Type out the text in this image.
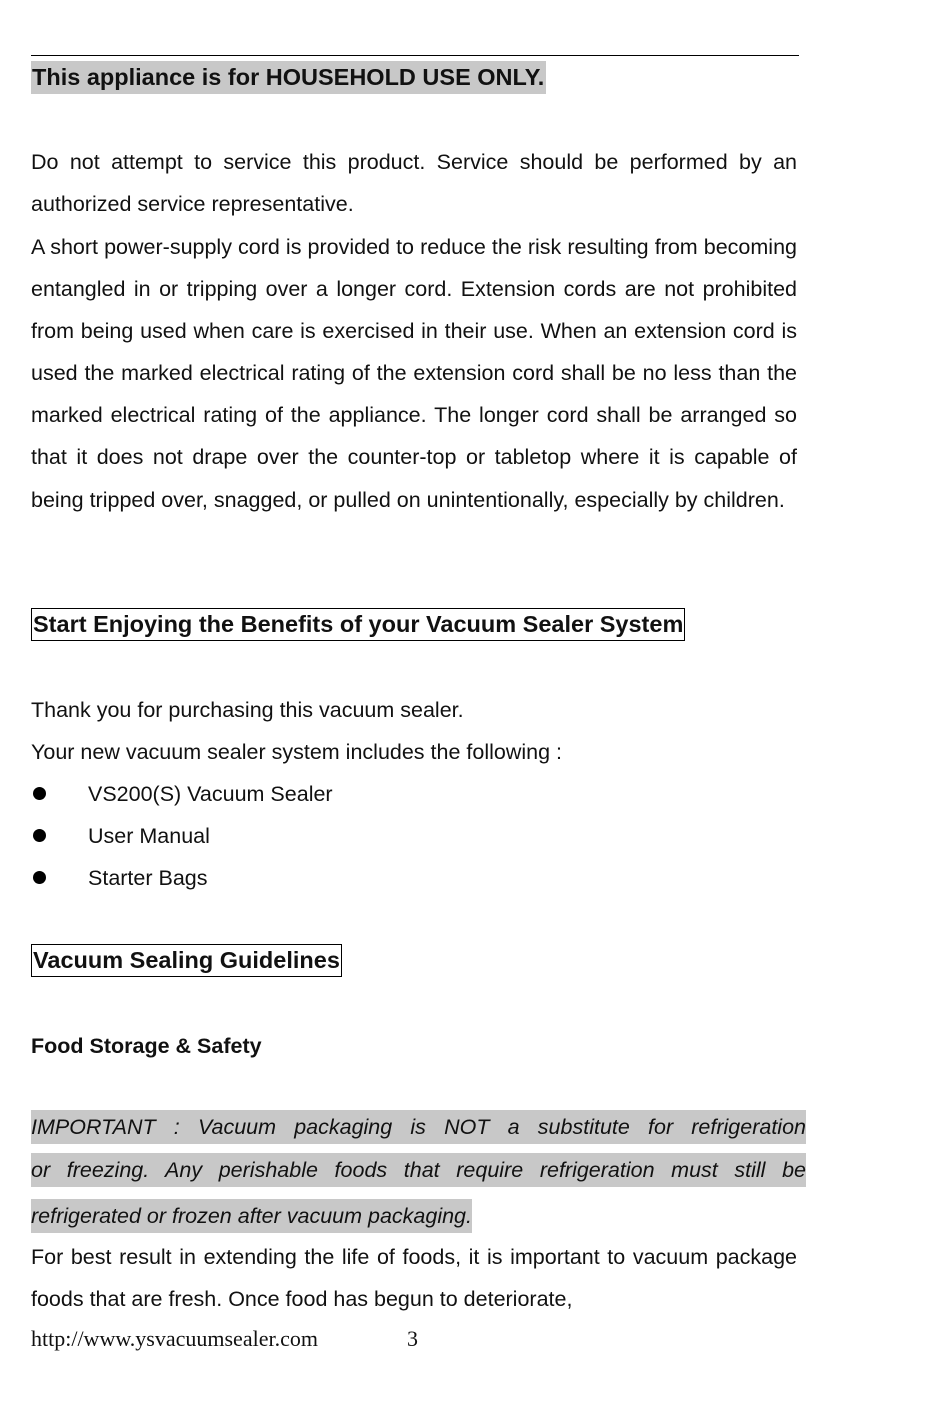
This appliance is for HOUSEHOLD USE ONLY.
Do not attempt to service this product. Service should be performed by an authorized service representative.
A short power-supply cord is provided to reduce the risk resulting from becoming entangled in or tripping over a longer cord. Extension cords are not prohibited from being used when care is exercised in their use. When an extension cord is used the marked electrical rating of the extension cord shall be no less than the marked electrical rating of the appliance. The longer cord shall be arranged so that it does not drape over the counter-top or tabletop where it is capable of being tripped over, snagged, or pulled on unintentionally, especially by children.
Start Enjoying the Benefits of your Vacuum Sealer System
Thank you for purchasing this vacuum sealer.
Your new vacuum sealer system includes the following :
VS200(S) Vacuum Sealer
User Manual
Starter Bags
Vacuum Sealing Guidelines
Food Storage & Safety
IMPORTANT : Vacuum packaging is NOT a substitute for refrigeration
or freezing. Any perishable foods that require refrigeration must still be
refrigerated or frozen after vacuum packaging.
For best result in extending the life of foods, it is important to vacuum package foods that are fresh. Once food has begun to deteriorate,
http://www.ysvacuumsealer.com	3
